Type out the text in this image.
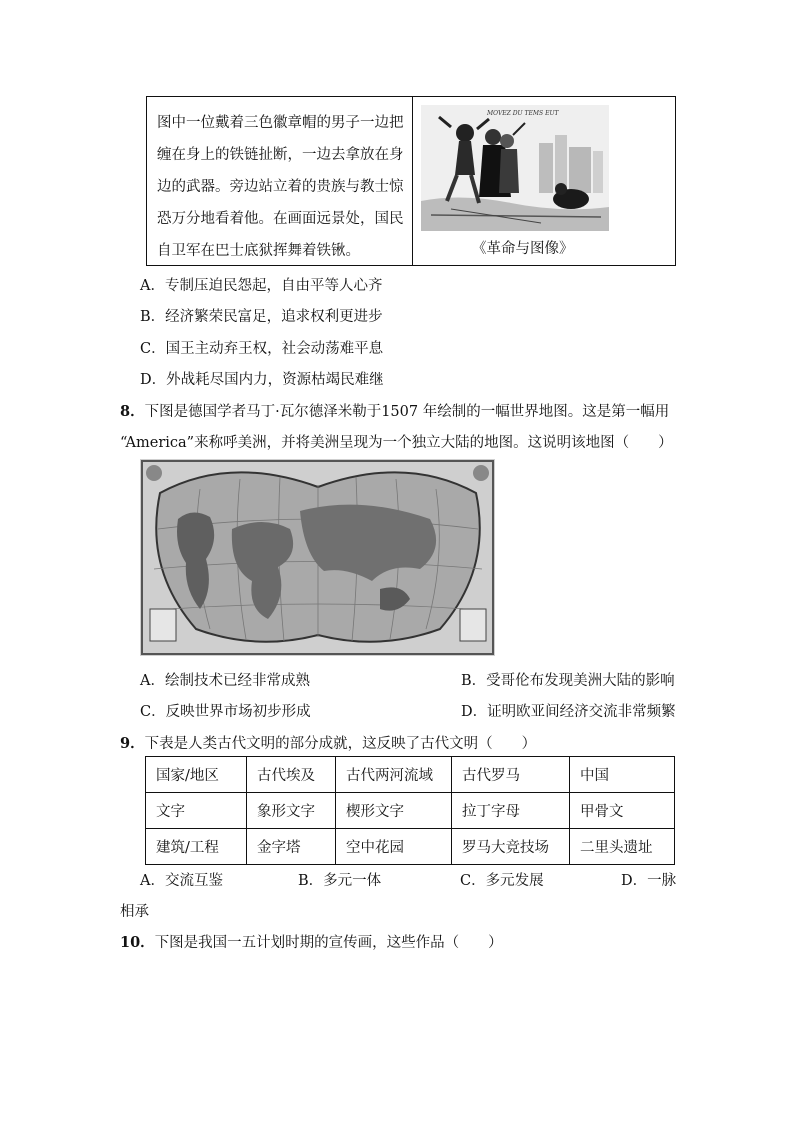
图中一位戴着三色徽章帽的男子一边把
缠在身上的铁链扯断，一边去拿放在身
边的武器。旁边站立着的贵族与教士惊
恐万分地看着他。在画面远景处，国民
自卫军在巴士底狱挥舞着铁锹。
MOVEZ DU TEMS EUT
《革命与图像》
A．专制压迫民怨起，自由平等人心齐
B．经济繁荣民富足，追求权利更进步
C．国王主动弃王权，社会动荡难平息
D．外战耗尽国内力，资源枯竭民难继
8．下图是德国学者马丁·瓦尔德泽米勒于1507 年绘制的一幅世界地图。这是第一幅用
“America”来称呼美洲，并将美洲呈现为一个独立大陆的地图。这说明该地图（　　）
A．绘制技术已经非常成熟	B．受哥伦布发现美洲大陆的影响
C．反映世界市场初步形成	D．证明欧亚间经济交流非常频繁
9．下表是人类古代文明的部分成就，这反映了古代文明（　　）
国家/地区	古代埃及	古代两河流域	古代罗马	中国
文字	象形文字	楔形文字	拉丁字母	甲骨文
建筑/工程	金字塔	空中花园	罗马大竞技场	二里头遗址
A．交流互鉴	B．多元一体	C．多元发展	D．一脉
相承
10．下图是我国一五计划时期的宣传画，这些作品（　　）
